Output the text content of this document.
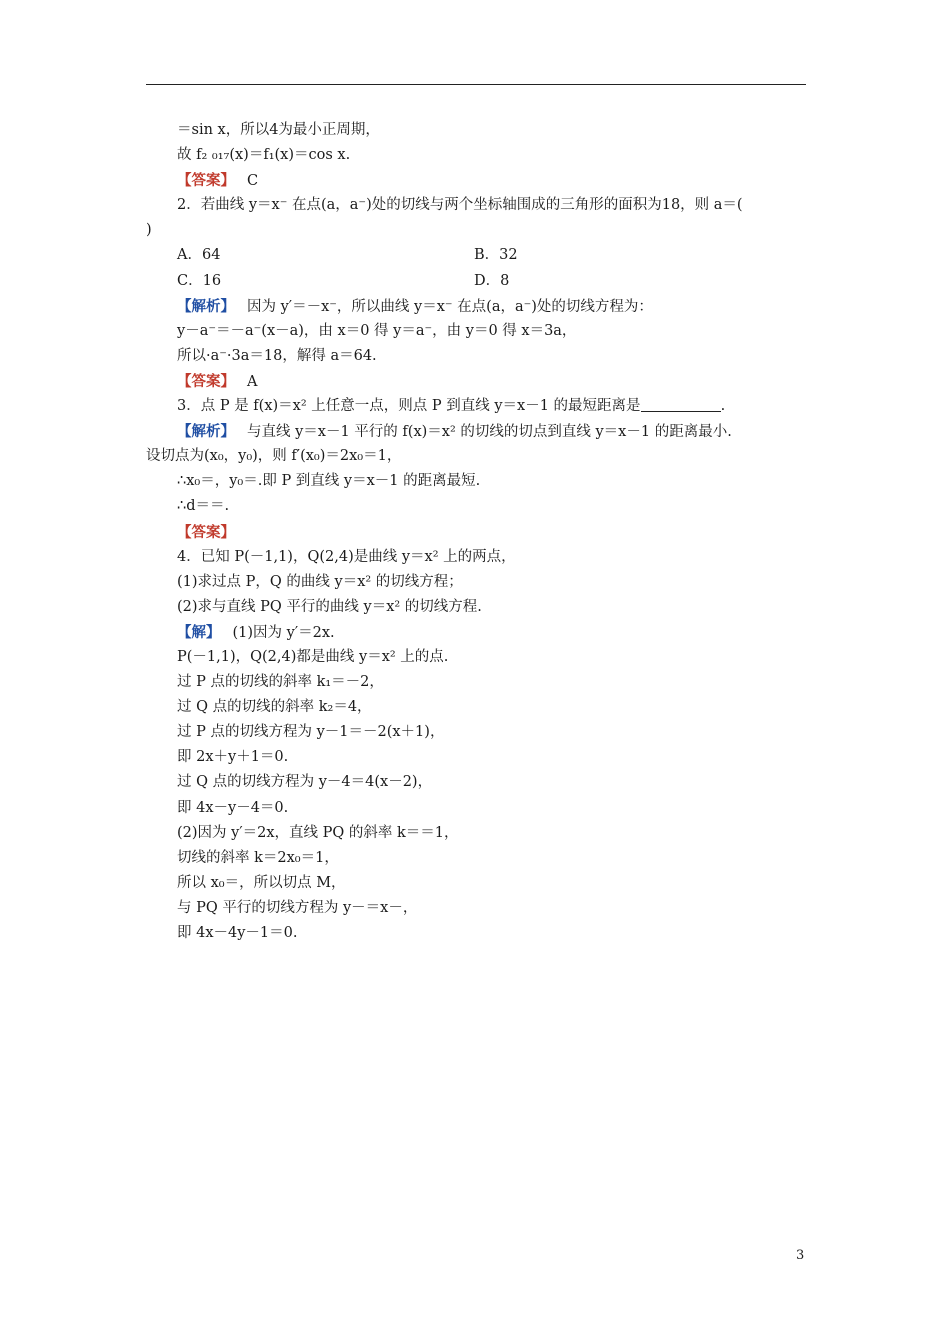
＝sin x，所以4为最小正周期，
故 f₂ ₀₁₇(x)＝f₁(x)＝cos x.
【答案】 C
2．若曲线 y＝x⁻ 在点(a，a⁻)处的切线与两个坐标轴围成的三角形的面积为18，则 a＝(
)
A．64	B．32
C．16	D．8
【解析】 因为 y′＝－x⁻，所以曲线 y＝x⁻ 在点(a，a⁻)处的切线方程为：
y－a⁻＝－a⁻(x－a)，由 x＝0 得 y＝a⁻，由 y＝0 得 x＝3a，
所以·a⁻·3a＝18，解得 a＝64.
【答案】 A
3．点 P 是 f(x)＝x² 上任意一点，则点 P 到直线 y＝x－1 的最短距离是	.
【解析】 与直线 y＝x－1 平行的 f(x)＝x² 的切线的切点到直线 y＝x－1 的距离最小.
设切点为(x₀，y₀)，则 f′(x₀)＝2x₀＝1，
∴x₀＝，y₀＝.即 P 到直线 y＝x－1 的距离最短.
∴d＝＝.
【答案】
4．已知 P(－1,1)，Q(2,4)是曲线 y＝x² 上的两点，
(1)求过点 P，Q 的曲线 y＝x² 的切线方程；
(2)求与直线 PQ 平行的曲线 y＝x² 的切线方程.
【解】 (1)因为 y′＝2x.
P(－1,1)，Q(2,4)都是曲线 y＝x² 上的点.
过 P 点的切线的斜率 k₁＝－2，
过 Q 点的切线的斜率 k₂＝4，
过 P 点的切线方程为 y－1＝－2(x＋1)，
即 2x＋y＋1＝0.
过 Q 点的切线方程为 y－4＝4(x－2)，
即 4x－y－4＝0.
(2)因为 y′＝2x，直线 PQ 的斜率 k＝＝1，
切线的斜率 k＝2x₀＝1，
所以 x₀＝，所以切点 M，
与 PQ 平行的切线方程为 y－＝x－，
即 4x－4y－1＝0.
3
